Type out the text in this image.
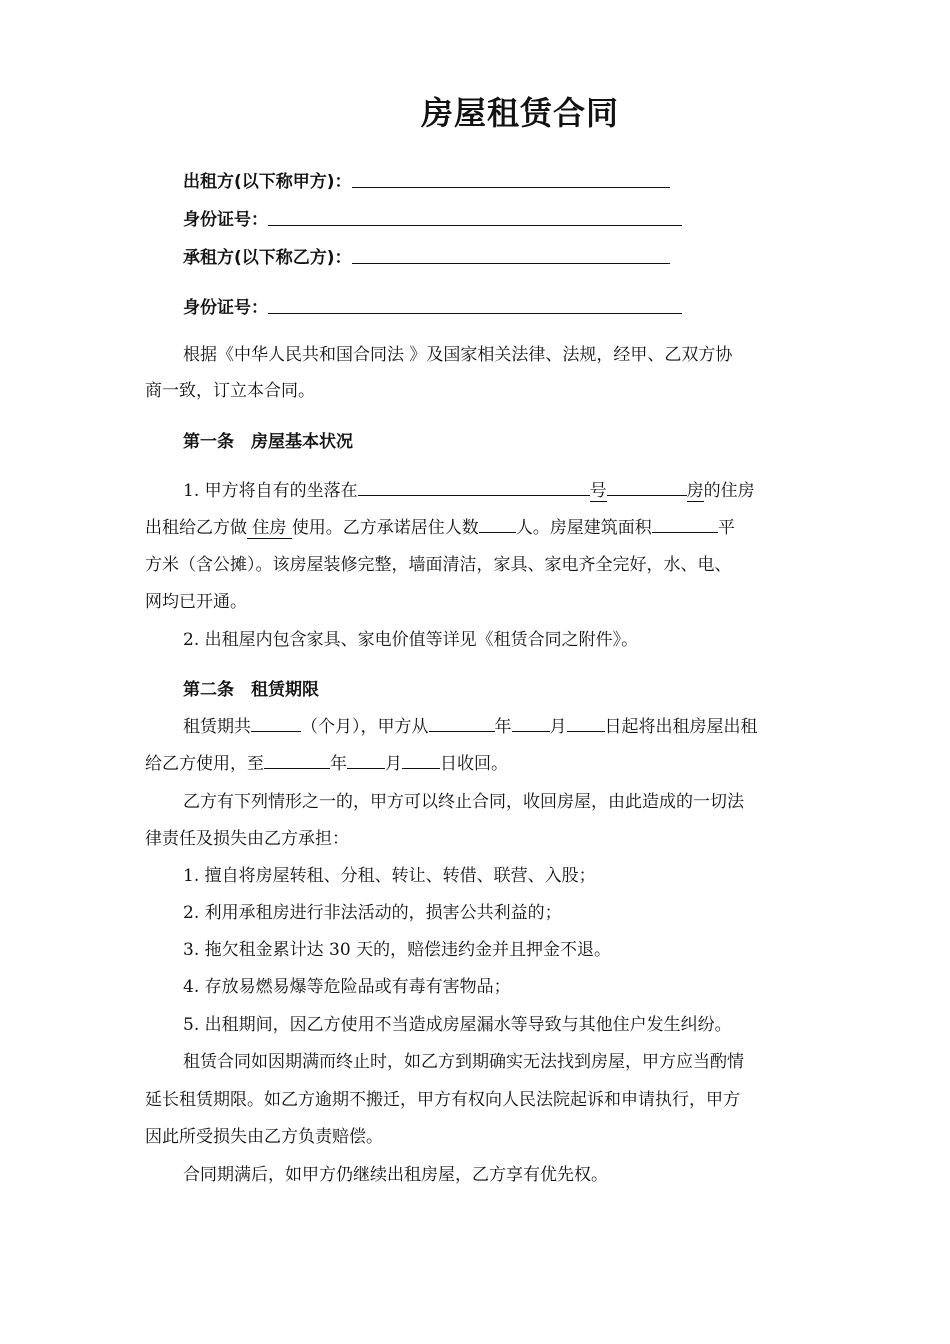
房屋租赁合同
出租方(以下称甲方)：
身份证号：
承租方(以下称乙方)：
身份证号：
根据《中华人民共和国合同法 》及国家相关法律、法规，经甲、乙双方协
商一致，订立本合同。
第一条　房屋基本状况
1. 甲方将自有的坐落在	号	房的住房
出租给乙方做 住房 使用。乙方承诺居住人数 人。房屋建筑面积	平
方米（含公摊）。该房屋装修完整，墙面清洁，家具、家电齐全完好，水、电、
网均已开通。
2. 出租屋内包含家具、家电价值等详见《租赁合同之附件》。
第二条　租赁期限
租赁期共	（个月），甲方从	年 月 日起将出租房屋出租
给乙方使用，至	年 月 日收回。
乙方有下列情形之一的，甲方可以终止合同，收回房屋，由此造成的一切法
律责任及损失由乙方承担：
1. 擅自将房屋转租、分租、转让、转借、联营、入股；
2. 利用承租房进行非法活动的，损害公共利益的；
3. 拖欠租金累计达 30 天的，赔偿违约金并且押金不退。
4. 存放易燃易爆等危险品或有毒有害物品；
5. 出租期间，因乙方使用不当造成房屋漏水等导致与其他住户发生纠纷。
租赁合同如因期满而终止时，如乙方到期确实无法找到房屋，甲方应当酌情
延长租赁期限。如乙方逾期不搬迁，甲方有权向人民法院起诉和申请执行，甲方
因此所受损失由乙方负责赔偿。
合同期满后，如甲方仍继续出租房屋，乙方享有优先权。
